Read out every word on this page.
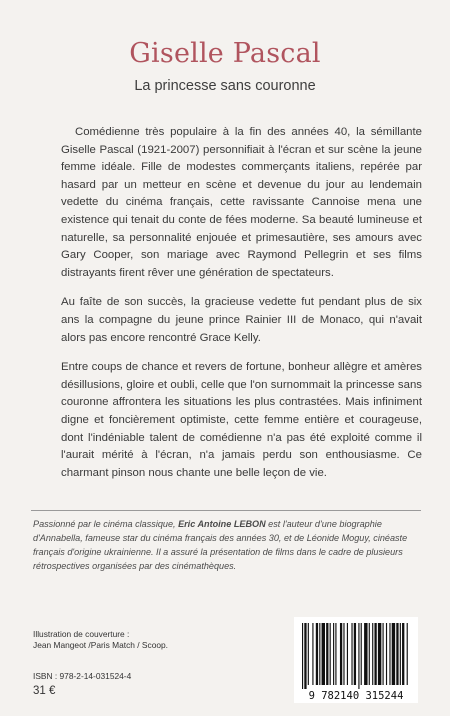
Giselle Pascal
La princesse sans couronne

Comédienne très populaire à la fin des années 40, la sémillante Giselle Pascal (1921-2007) personnifiait à l'écran et sur scène la jeune femme idéale. Fille de modestes commerçants italiens, repérée par hasard par un metteur en scène et devenue du jour au lendemain vedette du cinéma français, cette ravissante Cannoise mena une existence qui tenait du conte de fées moderne. Sa beauté lumineuse et naturelle, sa personnalité enjouée et primesautière, ses amours avec Gary Cooper, son mariage avec Raymond Pellegrin et ses films distrayants firent rêver une génération de spectateurs.

Au faîte de son succès, la gracieuse vedette fut pendant plus de six ans la compagne du jeune prince Rainier III de Monaco, qui n'avait alors pas encore rencontré Grace Kelly.

Entre coups de chance et revers de fortune, bonheur allègre et amères désillusions, gloire et oubli, celle que l'on surnommait la princesse sans couronne affrontera les situations les plus contrastées. Mais infiniment digne et foncièrement optimiste, cette femme entière et courageuse, dont l'indéniable talent de comédienne n'a pas été exploité comme il l'aurait mérité à l'écran, n'a jamais perdu son enthousiasme. Ce charmant pinson nous chante une belle leçon de vie.

Passionné par le cinéma classique, Eric Antoine LEBON est l'auteur d'une biographie d'Annabella, fameuse star du cinéma français des années 30, et de Léonide Moguy, cinéaste français d'origine ukrainienne. Il a assuré la présentation de films dans le cadre de plusieurs rétrospectives organisées par des cinémathèques.
Illustration de couverture :
Jean Mangeot /Paris Match / Scoop.
ISBN : 978-2-14-031524-4
31 €	9 782140 315244
